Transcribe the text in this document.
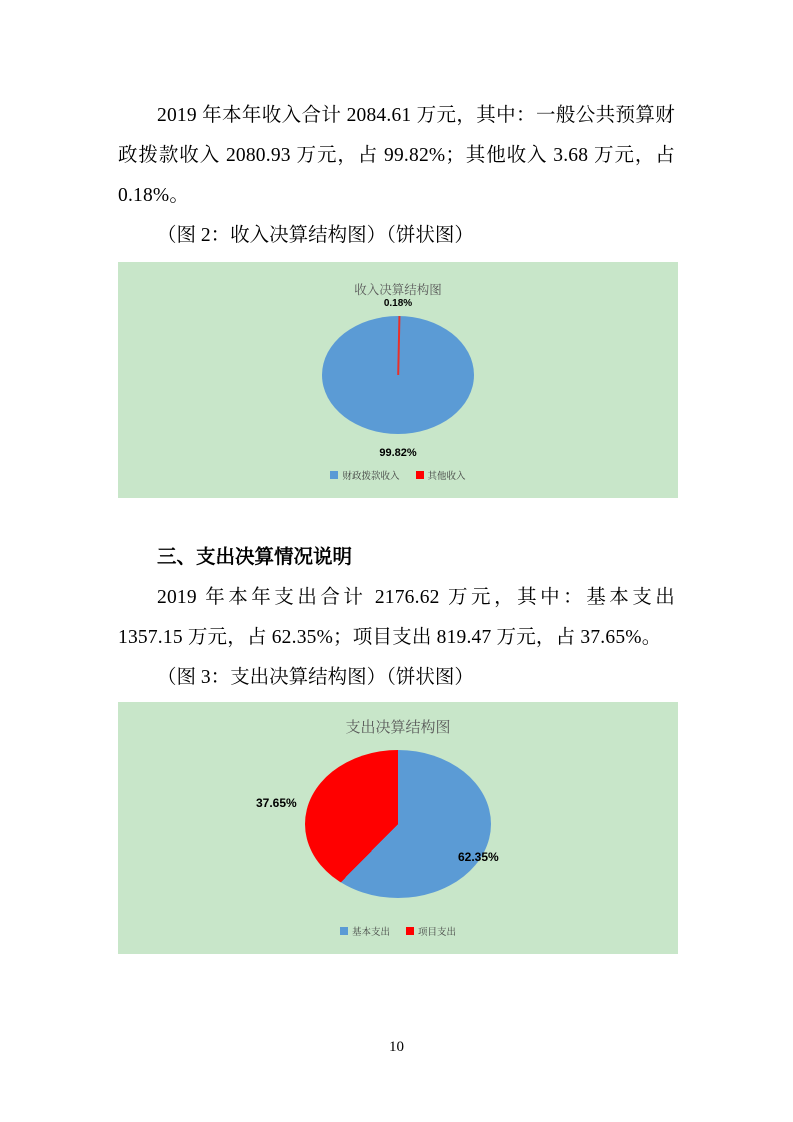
2019 年本年收入合计 2084.61 万元，其中：一般公共预算财政拨款收入 2080.93 万元，占 99.82%；其他收入 3.68 万元，占 0.18%。

（图 2：收入决算结构图）（饼状图）

收入决算结构图
0.18%
99.82%
财政拨款收入	其他收入

三、支出决算情况说明

2019 年本年支出合计 2176.62 万元，其中：基本支出 1357.15 万元，占 62.35%；项目支出 819.47 万元，占 37.65%。

（图 3：支出决算结构图）（饼状图）

支出决算结构图
62.35%
37.65%
基本支出	项目支出
10
